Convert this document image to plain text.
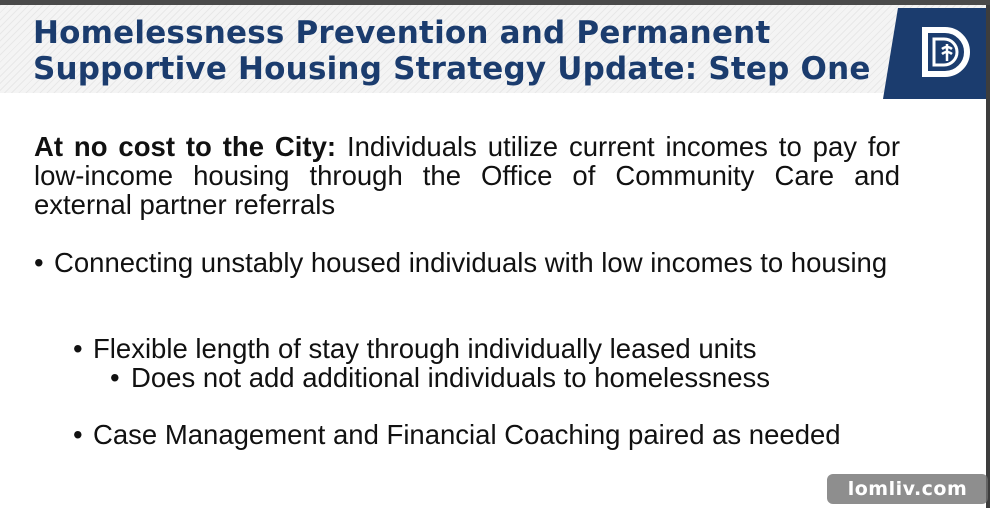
Homelessness Prevention and Permanent
Supportive Housing Strategy Update: Step One

At no cost to the City: Individuals utilize current incomes to pay for low-income housing through the Office of Community Care and external partner referrals

• Connecting unstably housed individuals with low incomes to housing

• Flexible length of stay through individually leased units

• Does not add additional individuals to homelessness

• Case Management and Financial Coaching paired as needed

lomliv.com
